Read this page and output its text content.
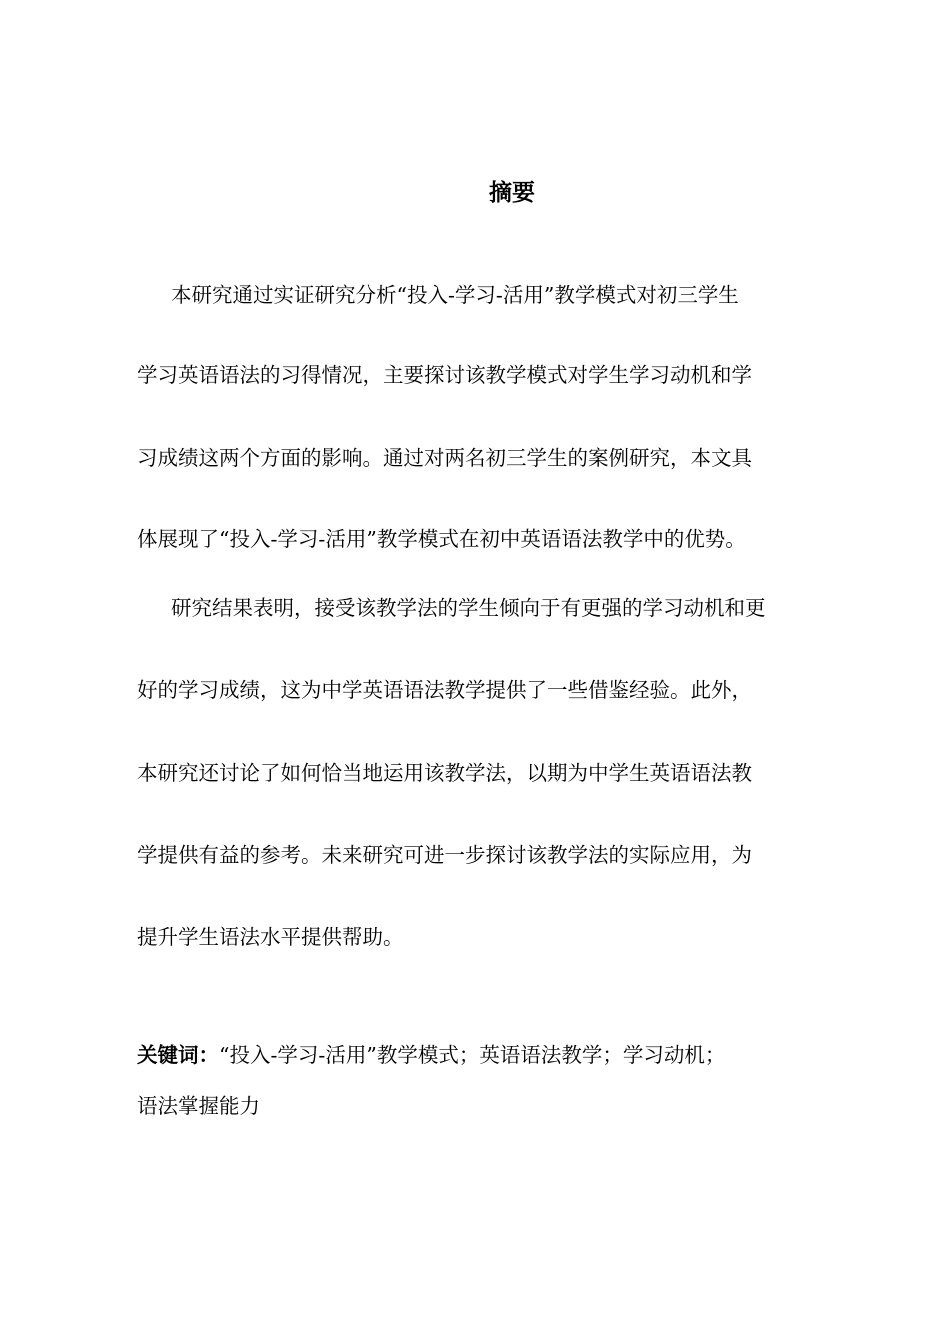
摘要
本研究通过实证研究分析“投入-学习-活用”教学模式对初三学生
学习英语语法的习得情况，主要探讨该教学模式对学生学习动机和学
习成绩这两个方面的影响。通过对两名初三学生的案例研究，本文具
体展现了“投入-学习-活用”教学模式在初中英语语法教学中的优势。
研究结果表明，接受该教学法的学生倾向于有更强的学习动机和更
好的学习成绩，这为中学英语语法教学提供了一些借鉴经验。此外，
本研究还讨论了如何恰当地运用该教学法，以期为中学生英语语法教
学提供有益的参考。未来研究可进一步探讨该教学法的实际应用，为
提升学生语法水平提供帮助。
关键词：“投入-学习-活用”教学模式；英语语法教学；学习动机；
语法掌握能力
